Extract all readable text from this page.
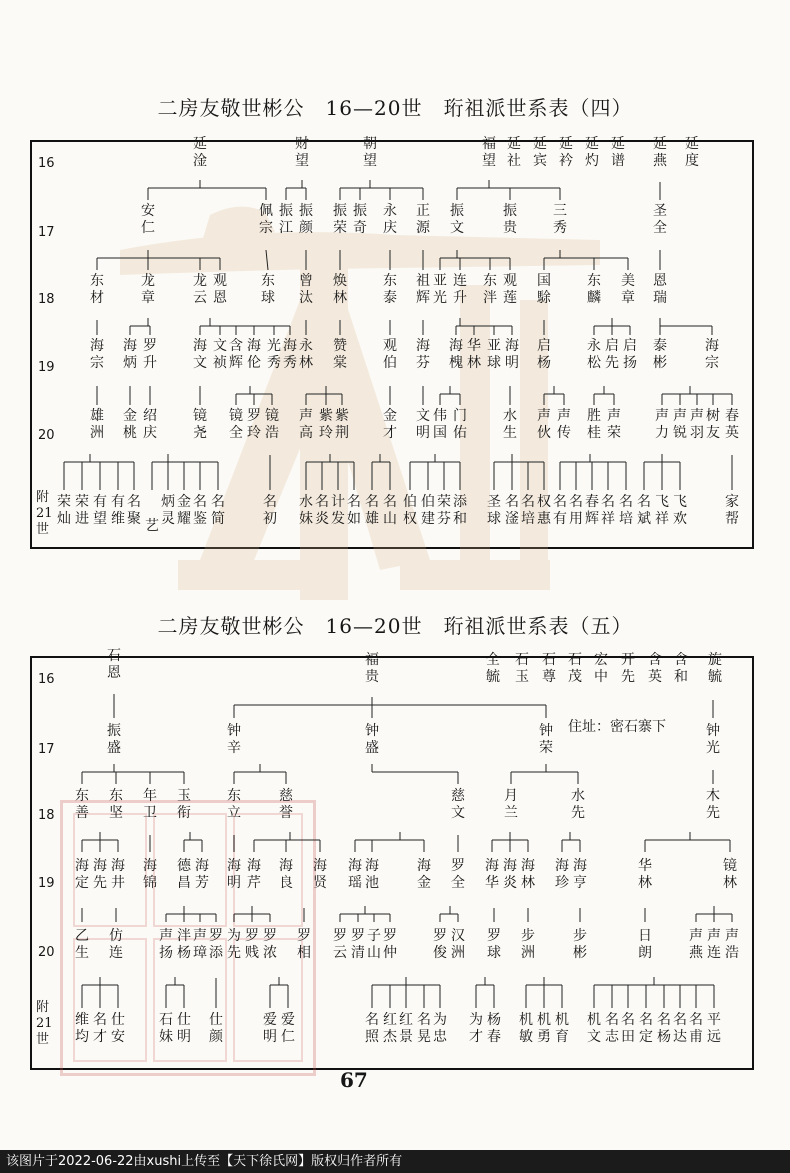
二房友敬世彬公　16—20世　珩祖派世系表（四）
16
17
18
19
20
附
21
世
二房友敬世彬公　16—20世　珩祖派世系表（五）
16
17
18
19
20
附
21
世
住址：密石寨下
延淦
财望
朝望
福望
延社
延宾
延衿
延灼
延谱
延燕
延度
安仁
佩宗
振江
振颜
振荣
振奇
永庆
正源
振文
振贵
三秀
圣全
东材
龙章
龙云
观恩
东球
曾汰
焕林
东泰
祖辉
亚光
连升
东泮
观莲
国駼
东麟
美章
恩瑞
海宗
海炳
罗升
海文
文祯
含辉
海伦
光秀
海秀
永林
赞棠
观伯
海芬
海槐
华林
亚球
海明
启杨
永松
启先
启扬
泰彬
海宗
雄洲
金桃
绍庆
镜尧
镜全
罗玲
镜浩
声高
紫玲
紫荆
金才
文明
伟国
门佑
水生
声伙
声传
胜桂
声荣
声力
声锐
声羽
树友
春英
荣灿
荣进
有望
有维
名聚 艺
炳灵
金耀
名鉴
名简
名初
水妹
名炎
计发
名如
名雄
名山
伯权
伯建
荣芬
添和
圣球
名滏
名培
权惠
名有
名用
春辉
名祥
名培
名斌
飞祥
飞欢
家帮
石恩
福贵
全毓
石玉
石尊
石茂
宏中
开先
含英
含和
旋毓
振盛
钟辛
钟盛
钟荣
钟光
东善
东坚
年卫
玉衔
东立
慈誉
慈文
月兰
水先
木先
海定
海先
海井
海锦
德昌
海芳
海明
海芹
海良
海贤
海瑶
海池
海金
罗全
海华
海炎
海林
海珍
海亨
华林
镜林
乙生
仿连
声扬
泮杨
声璋
罗添
为先
罗贱
罗浓
罗相
罗云
罗清
子山
罗仲
罗俊
汉洲
罗球
步洲
步彬
日朗
声燕
声连
声浩
维均
名才
仕安
石妹
仕明
仕颜
爱明
爱仁
名照
红杰
红景
名晃
为忠
为才
杨春
机敏
机勇
机育
机文
名志
名田
名定
名杨
名达
名甫
平远
67
该图片于2022-06-22由xushi上传至【天下徐氏网】版权归作者所有
